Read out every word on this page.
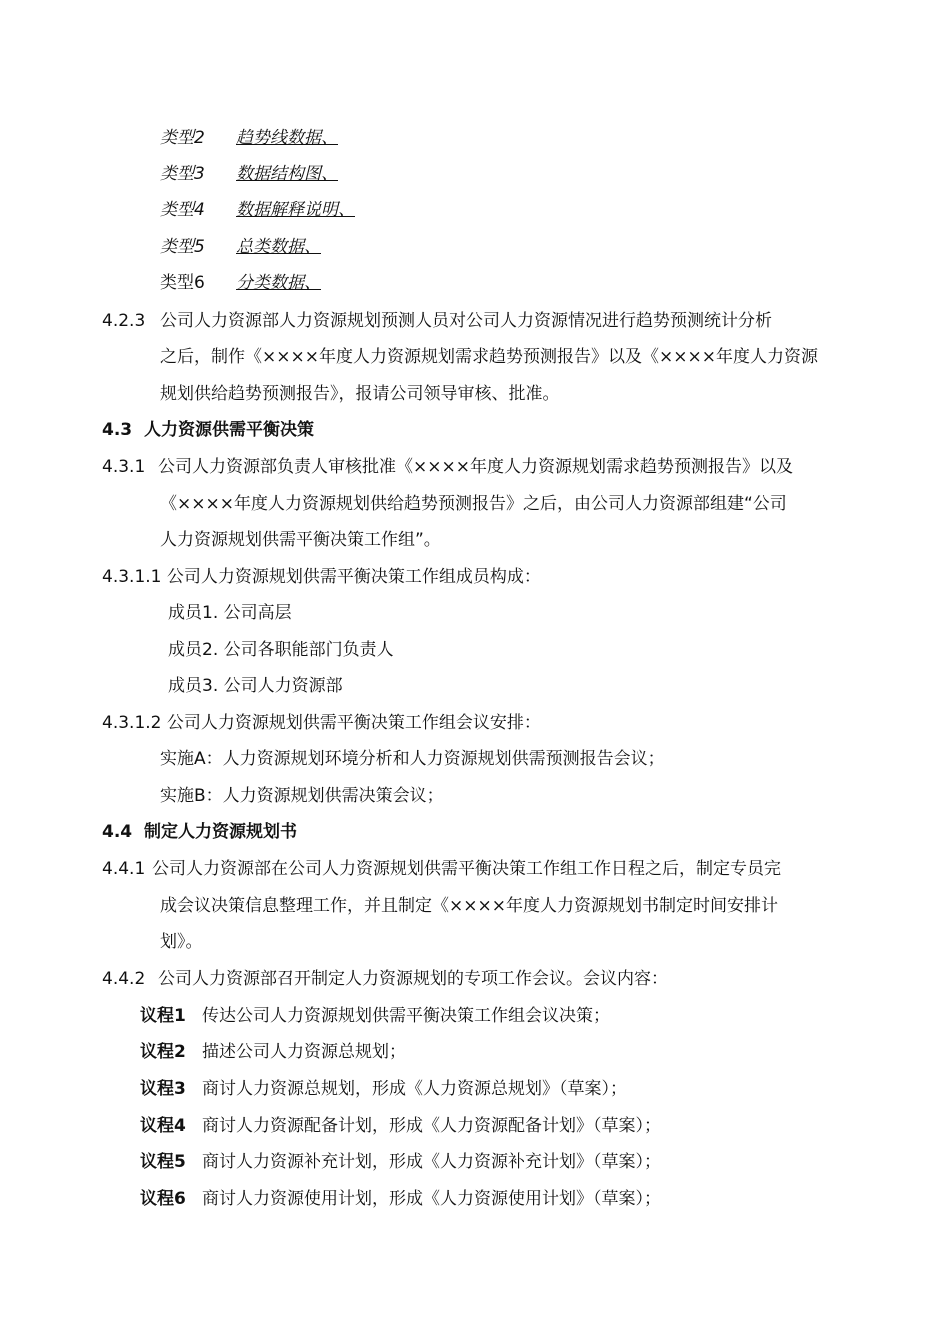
类型2 趋势线数据、
类型3 数据结构图、
类型4 数据解释说明、
类型5 总类数据、
类型6 分类数据、
4.2.3 公司人力资源部人力资源规划预测人员对公司人力资源情况进行趋势预测统计分析
之后，制作《××××年度人力资源规划需求趋势预测报告》以及《××××年度人力资源
规划供给趋势预测报告》，报请公司领导审核、批准。
4.3 人力资源供需平衡决策
4.3.1 公司人力资源部负责人审核批准《××××年度人力资源规划需求趋势预测报告》以及
《××××年度人力资源规划供给趋势预测报告》之后，由公司人力资源部组建“公司
人力资源规划供需平衡决策工作组”。
4.3.1.1 公司人力资源规划供需平衡决策工作组成员构成：
成员1. 公司高层
成员2. 公司各职能部门负责人
成员3. 公司人力资源部
4.3.1.2 公司人力资源规划供需平衡决策工作组会议安排：
实施A：人力资源规划环境分析和人力资源规划供需预测报告会议；
实施B：人力资源规划供需决策会议；
4.4 制定人力资源规划书
4.4.1 公司人力资源部在公司人力资源规划供需平衡决策工作组工作日程之后，制定专员完
成会议决策信息整理工作，并且制定《××××年度人力资源规划书制定时间安排计
划》。
4.4.2 公司人力资源部召开制定人力资源规划的专项工作会议。会议内容：
议程1 传达公司人力资源规划供需平衡决策工作组会议决策；
议程2 描述公司人力资源总规划；
议程3 商讨人力资源总规划，形成《人力资源总规划》（草案）；
议程4 商讨人力资源配备计划，形成《人力资源配备计划》（草案）；
议程5 商讨人力资源补充计划，形成《人力资源补充计划》（草案）；
议程6 商讨人力资源使用计划，形成《人力资源使用计划》（草案）；
